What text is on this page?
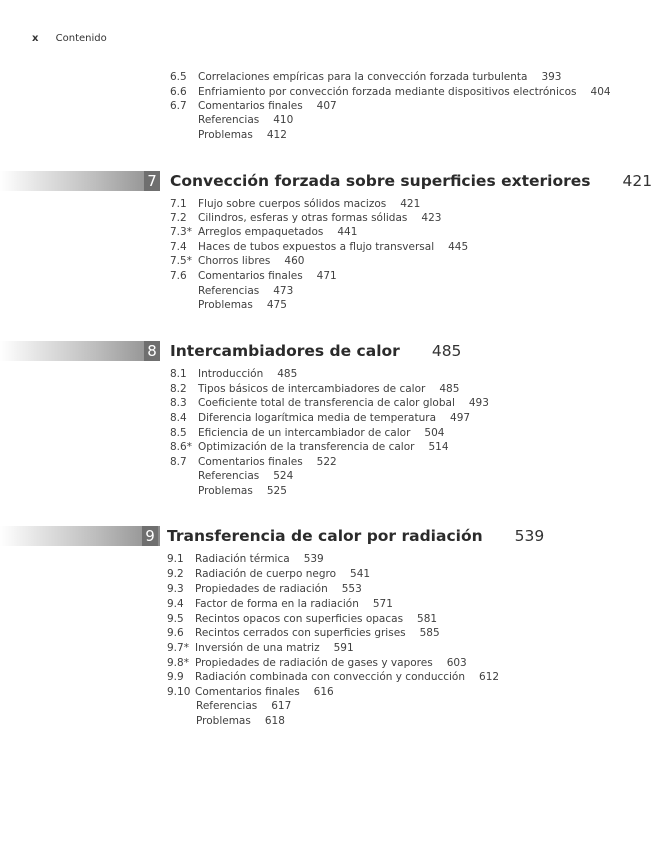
x Contenido
6.5 Correlaciones empíricas para la convección forzada turbulenta 393
6.6 Enfriamiento por convección forzada mediante dispositivos electrónicos 404
6.7 Comentarios finales 407
Referencias 410
Problemas 412
7 Convección forzada sobre superficies exteriores 421
7.1 Flujo sobre cuerpos sólidos macizos 421
7.2 Cilindros, esferas y otras formas sólidas 423
7.3* Arreglos empaquetados 441
7.4 Haces de tubos expuestos a flujo transversal 445
7.5* Chorros libres 460
7.6 Comentarios finales 471
Referencias 473
Problemas 475
8 Intercambiadores de calor 485
8.1 Introducción 485
8.2 Tipos básicos de intercambiadores de calor 485
8.3 Coeficiente total de transferencia de calor global 493
8.4 Diferencia logarítmica media de temperatura 497
8.5 Eficiencia de un intercambiador de calor 504
8.6* Optimización de la transferencia de calor 514
8.7 Comentarios finales 522
Referencias 524
Problemas 525
9 Transferencia de calor por radiación 539
9.1 Radiación térmica 539
9.2 Radiación de cuerpo negro 541
9.3 Propiedades de radiación 553
9.4 Factor de forma en la radiación 571
9.5 Recintos opacos con superficies opacas 581
9.6 Recintos cerrados con superficies grises 585
9.7* Inversión de una matriz 591
9.8* Propiedades de radiación de gases y vapores 603
9.9 Radiación combinada con convección y conducción 612
9.10 Comentarios finales 616
Referencias 617
Problemas 618
